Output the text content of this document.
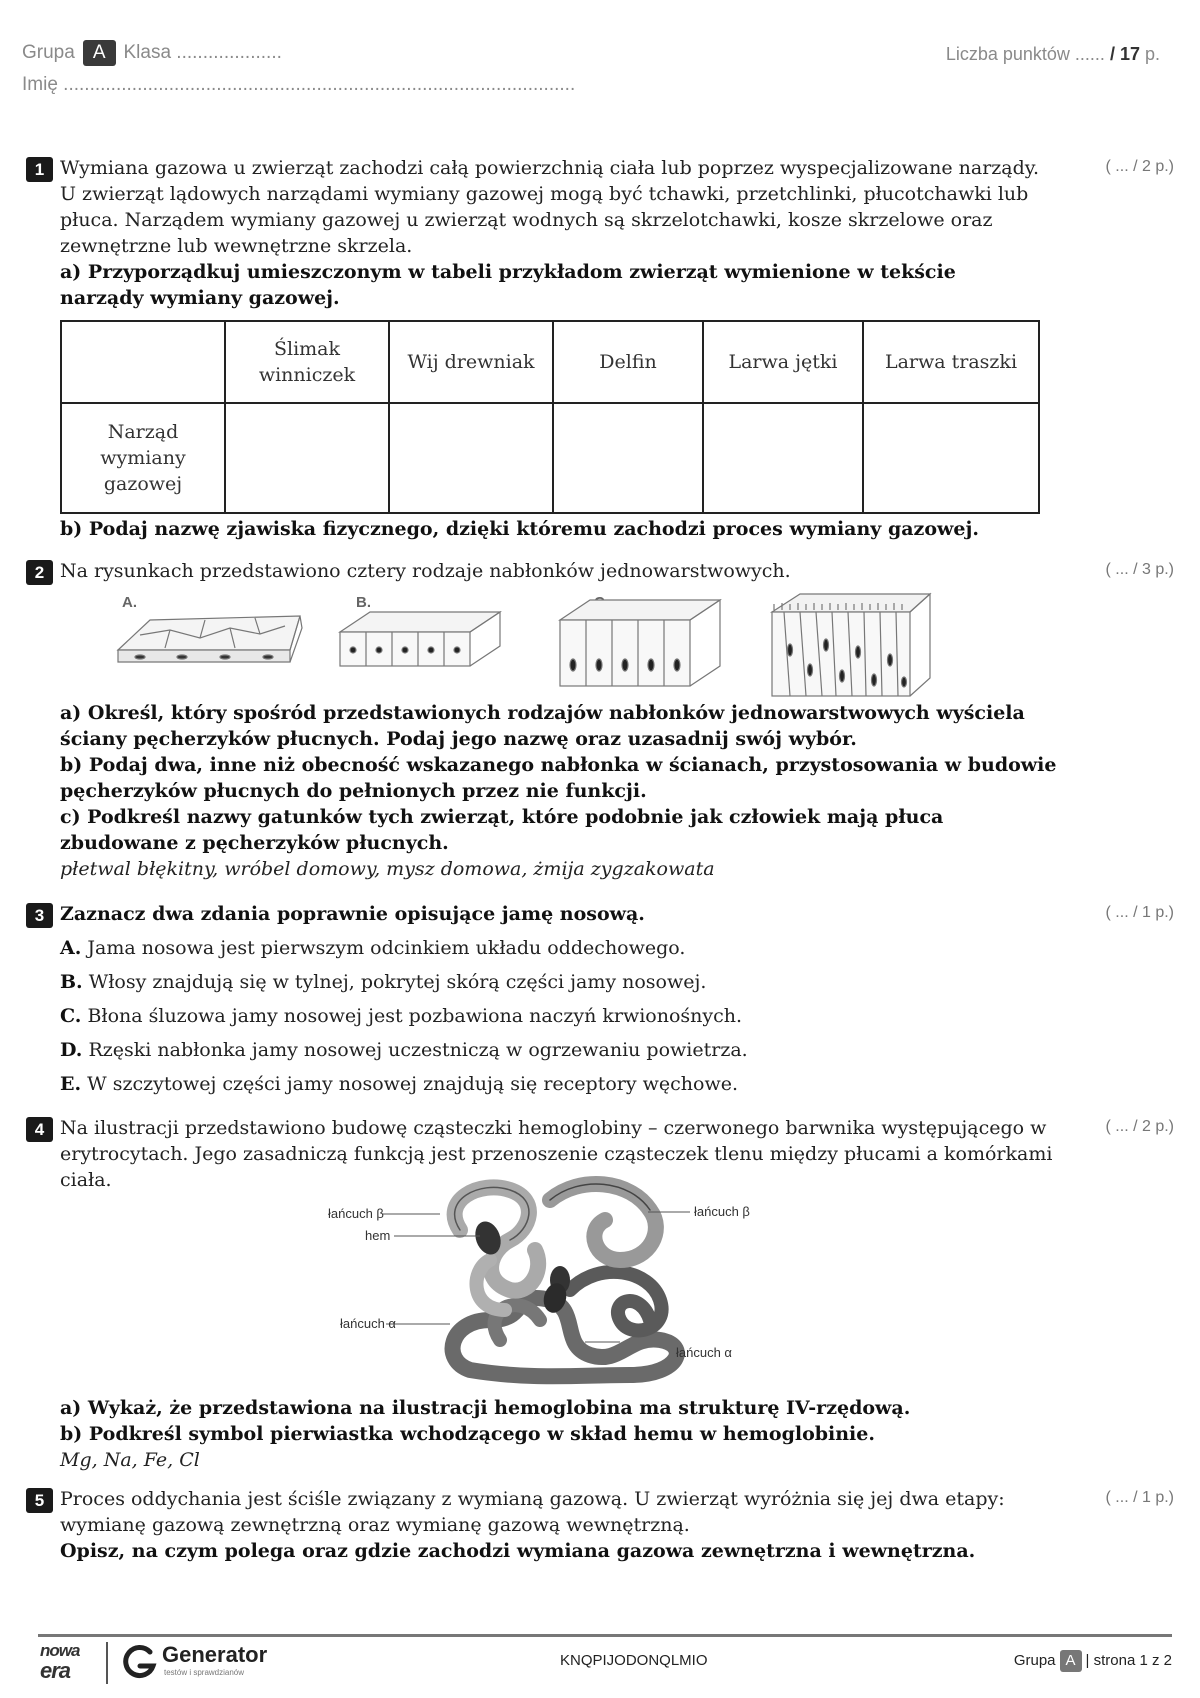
Grupa A Klasa ....................
Imię .................................................................................................
Liczba punktów ...... / 17 p.
1	( ... / 2 p.)
Wymiana gazowa u zwierząt zachodzi całą powierzchnią ciała lub poprzez wyspecjalizowane narządy. U zwierząt lądowych narządami wymiany gazowej mogą być tchawki, przetchlinki, płucotchawki lub płuca. Narządem wymiany gazowej u zwierząt wodnych są skrzelotchawki, kosze skrzelowe oraz zewnętrzne lub wewnętrzne skrzela.
a) Przyporządkuj umieszczonym w tabeli przykładom zwierząt wymienione w tekście narządy wymiany gazowej.
	Ślimak winniczek	Wij drewniak	Delfin	Larwa jętki	Larwa traszki
Narząd wymiany gazowej					
b) Podaj nazwę zjawiska fizycznego, dzięki któremu zachodzi proces wymiany gazowej.
2	( ... / 3 p.)
Na rysunkach przedstawiono cztery rodzaje nabłonków jednowarstwowych.
A.	B.
a) Określ, który spośród przedstawionych rodzajów nabłonków jednowarstwowych wyściela ściany pęcherzyków płucnych. Podaj jego nazwę oraz uzasadnij swój wybór.
b) Podaj dwa, inne niż obecność wskazanego nabłonka w ścianach, przystosowania w budowie pęcherzyków płucnych do pełnionych przez nie funkcji.
c) Podkreśl nazwy gatunków tych zwierząt, które podobnie jak człowiek mają płuca zbudowane z pęcherzyków płucnych.
płetwal błękitny, wróbel domowy, mysz domowa, żmija zygzakowata
3	( ... / 1 p.)
Zaznacz dwa zdania poprawnie opisujące jamę nosową.
A. Jama nosowa jest pierwszym odcinkiem układu oddechowego.
B. Włosy znajdują się w tylnej, pokrytej skórą części jamy nosowej.
C. Błona śluzowa jamy nosowej jest pozbawiona naczyń krwionośnych.
D. Rzęski nabłonka jamy nosowej uczestniczą w ogrzewaniu powietrza.
E. W szczytowej części jamy nosowej znajdują się receptory węchowe.
4	( ... / 2 p.)
Na ilustracji przedstawiono budowę cząsteczki hemoglobiny – czerwonego barwnika występującego w erytrocytach. Jego zasadniczą funkcją jest przenoszenie cząsteczek tlenu między płucami a komórkami ciała.
łańcuch β
hem
łańcuch β
łańcuch α
łańcuch α
a) Wykaż, że przedstawiona na ilustracji hemoglobina ma strukturę IV-rzędową.
b) Podkreśl symbol pierwiastka wchodzącego w skład hemu w hemoglobinie.
Mg, Na, Fe, Cl
5	( ... / 1 p.)
Proces oddychania jest ściśle związany z wymianą gazową. U zwierząt wyróżnia się jej dwa etapy: wymianę gazową zewnętrzną oraz wymianę gazową wewnętrzną.
Opisz, na czym polega oraz gdzie zachodzi wymiana gazowa zewnętrzna i wewnętrzna.
nowa
era
Generator
testów i sprawdzianów
KNQPIJODONQLMIO	Grupa A | strona 1 z 2
